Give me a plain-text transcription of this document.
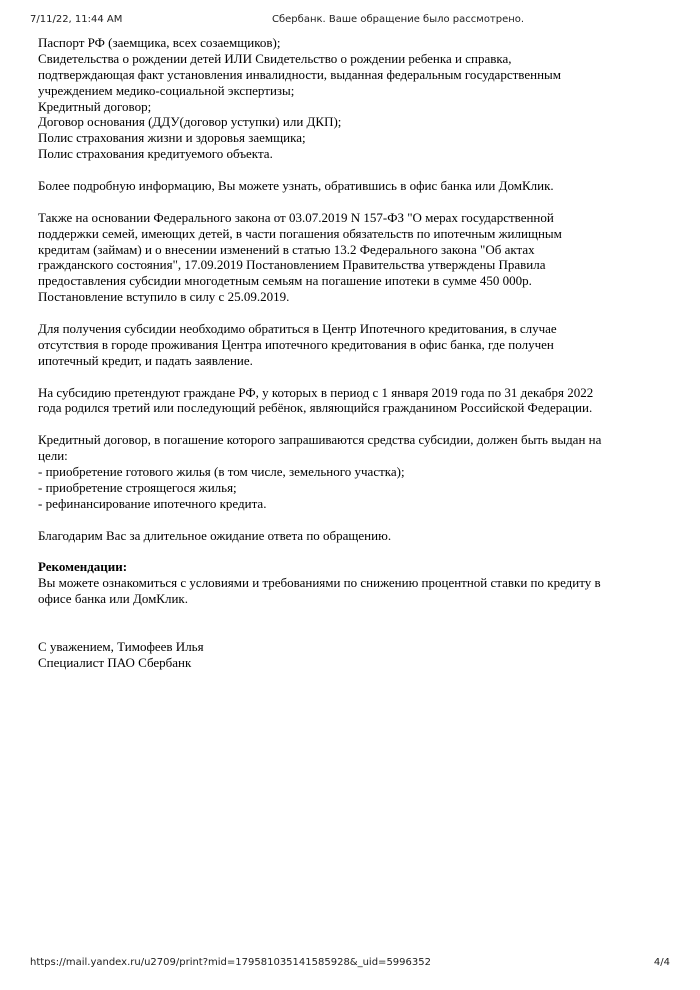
7/11/22, 11:44 AM	Сбербанк. Ваше обращение было рассмотрено.
Паспорт РФ (заемщика, всех созаемщиков);
Свидетельства о рождении детей ИЛИ Свидетельство о рождении ребенка и справка,
подтверждающая факт установления инвалидности, выданная федеральным государственным
учреждением медико-социальной экспертизы;
Кредитный договор;
Договор основания (ДДУ(договор уступки) или ДКП);
Полис страхования жизни и здоровья заемщика;
Полис страхования кредитуемого объекта.
Более подробную информацию, Вы можете узнать, обратившись в офис банка или ДомКлик.
Также на основании Федерального закона от 03.07.2019 N 157-ФЗ "О мерах государственной
поддержки семей, имеющих детей, в части погашения обязательств по ипотечным жилищным
кредитам (займам) и о внесении изменений в статью 13.2 Федерального закона "Об актах
гражданского состояния", 17.09.2019 Постановлением Правительства утверждены Правила
предоставления субсидии многодетным семьям на погашение ипотеки в сумме 450 000р.
Постановление вступило в силу с 25.09.2019.
Для получения субсидии необходимо обратиться в Центр Ипотечного кредитования, в случае
отсутствия в городе проживания Центра ипотечного кредитования в офис банка, где получен
ипотечный кредит, и падать заявление.
На субсидию претендуют граждане РФ, у которых в период с 1 января 2019 года по 31 декабря 2022
года родился третий или последующий ребёнок, являющийся гражданином Российской Федерации.
Кредитный договор, в погашение которого запрашиваются средства субсидии, должен быть выдан на
цели:
- приобретение готового жилья (в том числе, земельного участка);
- приобретение строящегося жилья;
- рефинансирование ипотечного кредита.
Благодарим Вас за длительное ожидание ответа по обращению.
Рекомендации:
Вы можете ознакомиться с условиями и требованиями по снижению процентной ставки по кредиту в
офисе банка или ДомКлик.
С уважением, Тимофеев Илья
Специалист ПАО Сбербанк
https://mail.yandex.ru/u2709/print?mid=179581035141585928&_uid=5996352	4/4
